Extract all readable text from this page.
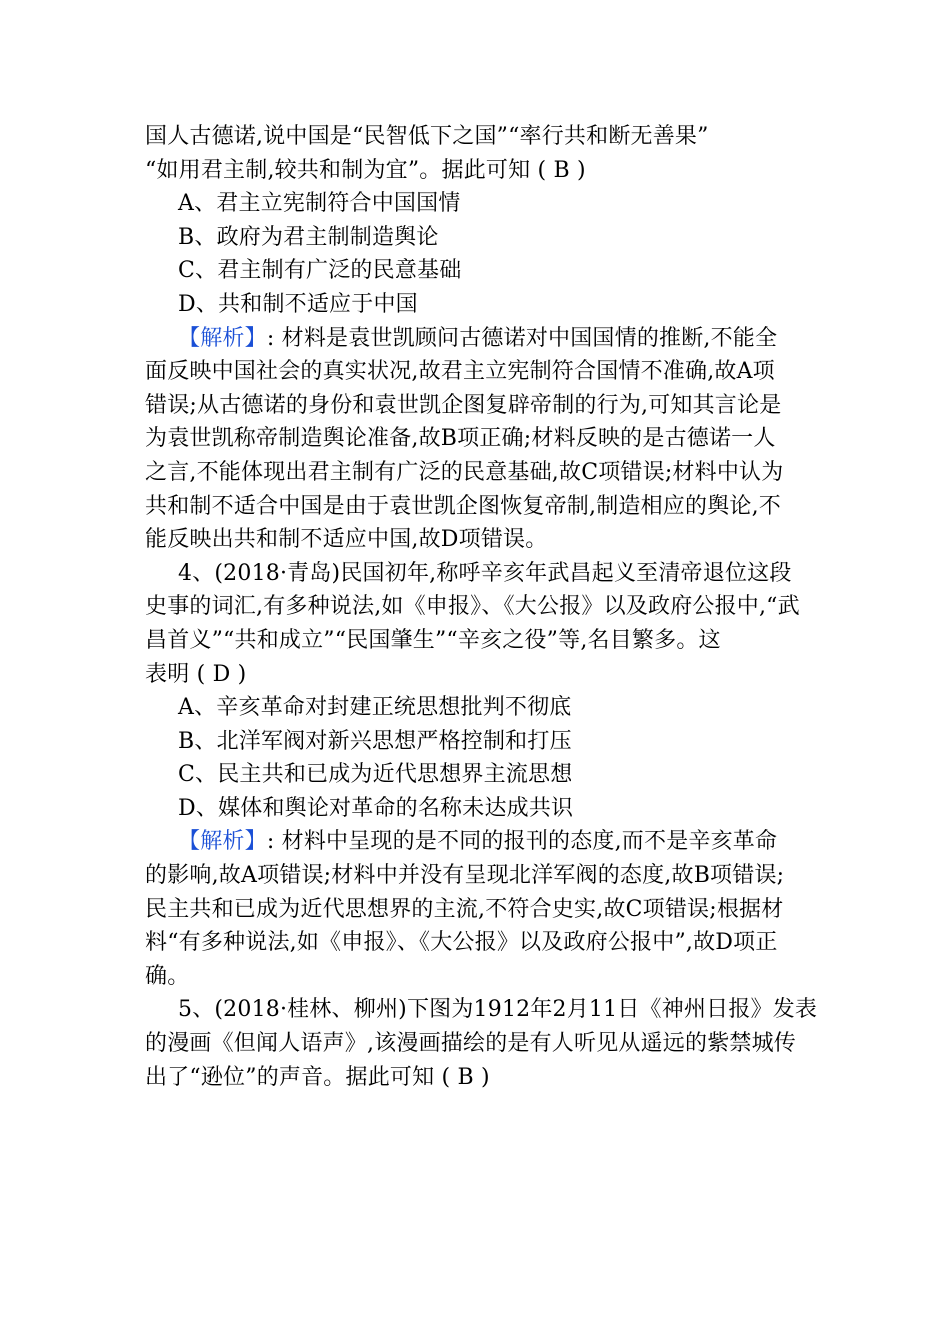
国人古德诺,说中国是“民智低下之国”“率行共和断无善果”
“如用君主制,较共和制为宜”。据此可知 ( B )
A、君主立宪制符合中国国情
B、政府为君主制制造舆论
C、君主制有广泛的民意基础
D、共和制不适应于中国
【解析】: 材料是袁世凯顾问古德诺对中国国情的推断,不能全
面反映中国社会的真实状况,故君主立宪制符合国情不准确,故A项
错误;从古德诺的身份和袁世凯企图复辟帝制的行为,可知其言论是
为袁世凯称帝制造舆论准备,故B项正确;材料反映的是古德诺一人
之言,不能体现出君主制有广泛的民意基础,故C项错误;材料中认为
共和制不适合中国是由于袁世凯企图恢复帝制,制造相应的舆论,不
能反映出共和制不适应中国,故D项错误。
4、(2018·青岛)民国初年,称呼辛亥年武昌起义至清帝退位这段
史事的词汇,有多种说法,如《申报》、《大公报》以及政府公报中,“武
昌首义”“共和成立”“民国肇生”“辛亥之役”等,名目繁多。这
表明 ( D )
A、辛亥革命对封建正统思想批判不彻底
B、北洋军阀对新兴思想严格控制和打压
C、民主共和已成为近代思想界主流思想
D、媒体和舆论对革命的名称未达成共识
【解析】: 材料中呈现的是不同的报刊的态度,而不是辛亥革命
的影响,故A项错误;材料中并没有呈现北洋军阀的态度,故B项错误;
民主共和已成为近代思想界的主流,不符合史实,故C项错误;根据材
料“有多种说法,如《申报》、《大公报》以及政府公报中”,故D项正
确。
5、(2018·桂林、柳州)下图为1912年2月11日《神州日报》发表
的漫画《但闻人语声》,该漫画描绘的是有人听见从遥远的紫禁城传
出了“逊位”的声音。据此可知 ( B )
